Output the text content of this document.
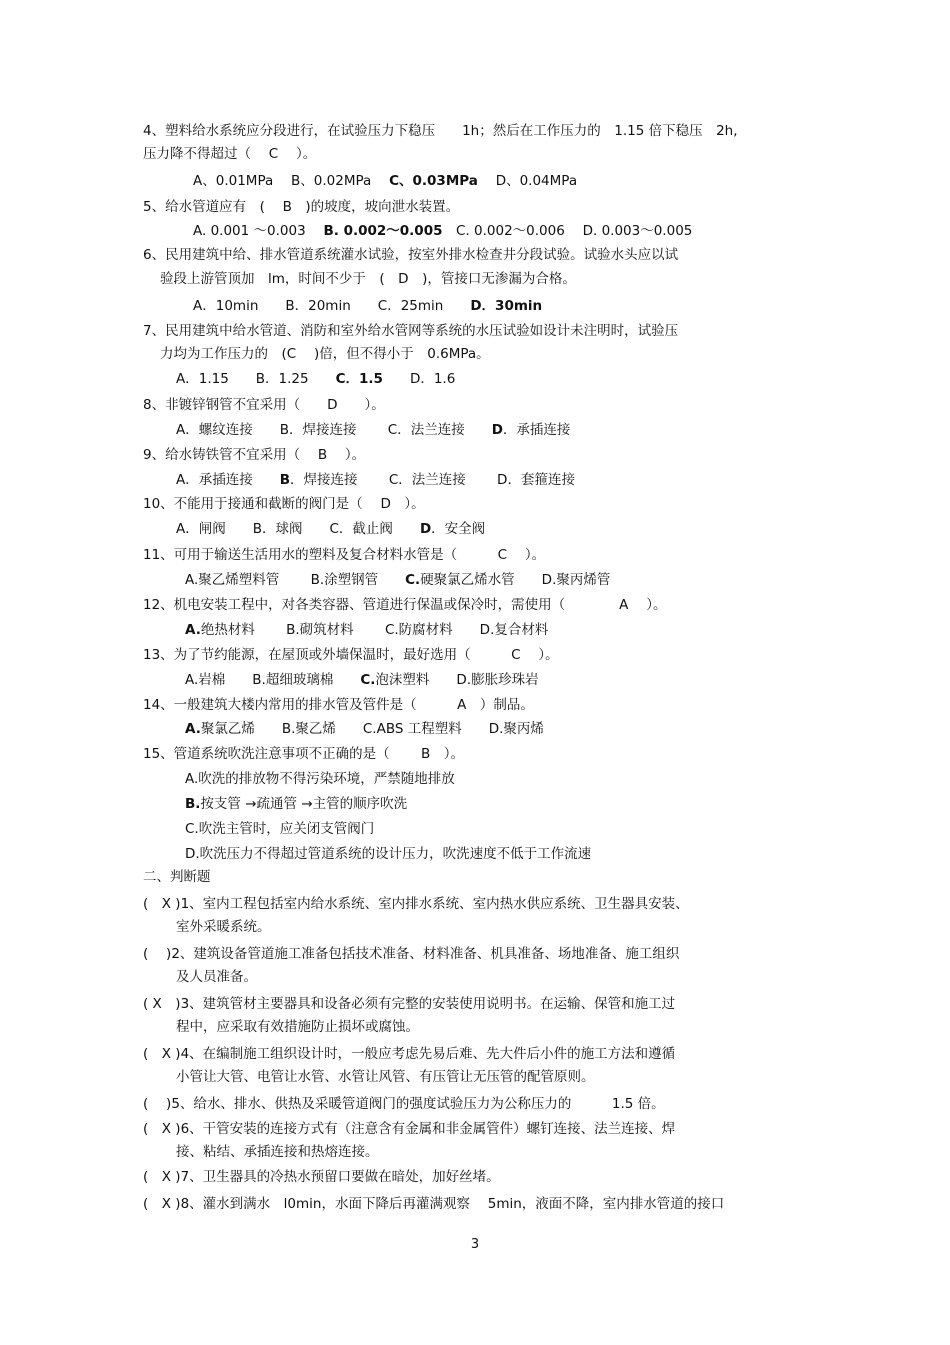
4、塑料给水系统应分段进行，在试验压力下稳压　　1h；然后在工作压力的　1.15 倍下稳压　2h,
压力降不得超过（　 C　 ）。
A、0.01MPa　 B、0.02MPa　 C、0.03MPa　 D、0.04MPa
5、给水管道应有　(　 B　)的坡度，坡向泄水装置。
A. 0.001 ～0.003　 B. 0.002～0.005　C. 0.002～0.006　 D. 0.003～0.005
6、民用建筑中给、排水管道系统灌水试验，按室外排水检查井分段试验。试验水头应以试
验段上游管顶加　lm，时间不少于　(　D　)，管接口无渗漏为合格。
A．10min　　B．20min　　C．25min　　D．30min
7、民用建筑中给水管道、消防和室外给水管网等系统的水压试验如设计未注明时，试验压
力均为工作压力的　(C　 )倍，但不得小于　0.6MPa。
A．1.15　　B．1.25　　C．1.5　　D．1.6
8、非镀锌钢管不宜采用（　　D　　）。
A．螺纹连接　　B．焊接连接　　 C．法兰连接　　D．承插连接
9、给水铸铁管不宜采用（　 B　 ）。
A．承插连接　　B．焊接连接　　 C．法兰连接　　 D．套箍连接
10、不能用于接通和截断的阀门是（　 D　）。
A．闸阀　　B．球阀　　C．截止阀　　D．安全阀
11、可用于输送生活用水的塑料及复合材料水管是（　　　C　 ）。
A.聚乙烯塑料管　　 B.涂塑钢管　　C.硬聚氯乙烯水管　　D.聚丙烯管
12、机电安装工程中，对各类容器、管道进行保温或保冷时，需使用（　　　　A　 ）。
A.绝热材料　　 B.砌筑材料　　 C.防腐材料　　D.复合材料
13、为了节约能源，在屋顶或外墙保温时，最好选用（　　　C　 ）。
A.岩棉　　B.超细玻璃棉　　C.泡沫塑料　　D.膨胀珍珠岩
14、一般建筑大楼内常用的排水管及管件是（　　　A　）制品。
A.聚氯乙烯　　B.聚乙烯　　C.ABS 工程塑料　　D.聚丙烯
15、管道系统吹洗注意事项不正确的是（　　 B　）。
A.吹洗的排放物不得污染环境，严禁随地排放
B.按支管 →疏通管 →主管的顺序吹洗
C.吹洗主管时，应关闭支管阀门
D.吹洗压力不得超过管道系统的设计压力，吹洗速度不低于工作流速
二、判断题
(　X )1、室内工程包括室内给水系统、室内排水系统、室内热水供应系统、卫生器具安装、
室外采暖系统。
(　 )2、建筑设备管道施工准备包括技术准备、材料准备、机具准备、场地准备、施工组织
及人员准备。
( X　)3、建筑管材主要器具和设备必须有完整的安装使用说明书。在运输、保管和施工过
程中，应采取有效措施防止损坏或腐蚀。
(　X )4、在编制施工组织设计时，一般应考虑先易后难、先大件后小件的施工方法和遵循
小管让大管、电管让水管、水管让风管、有压管让无压管的配管原则。
(　 )5、给水、排水、供热及采暖管道阀门的强度试验压力为公称压力的　　　1.5 倍。
(　X )6、干管安装的连接方式有（注意含有金属和非金属管件）螺钉连接、法兰连接、焊
接、粘结、承插连接和热熔连接。
(　X )7、卫生器具的冷热水预留口要做在暗处，加好丝堵。
(　X )8、灌水到满水　l0min，水面下降后再灌满观察　 5min，液面不降，室内排水管道的接口
3
